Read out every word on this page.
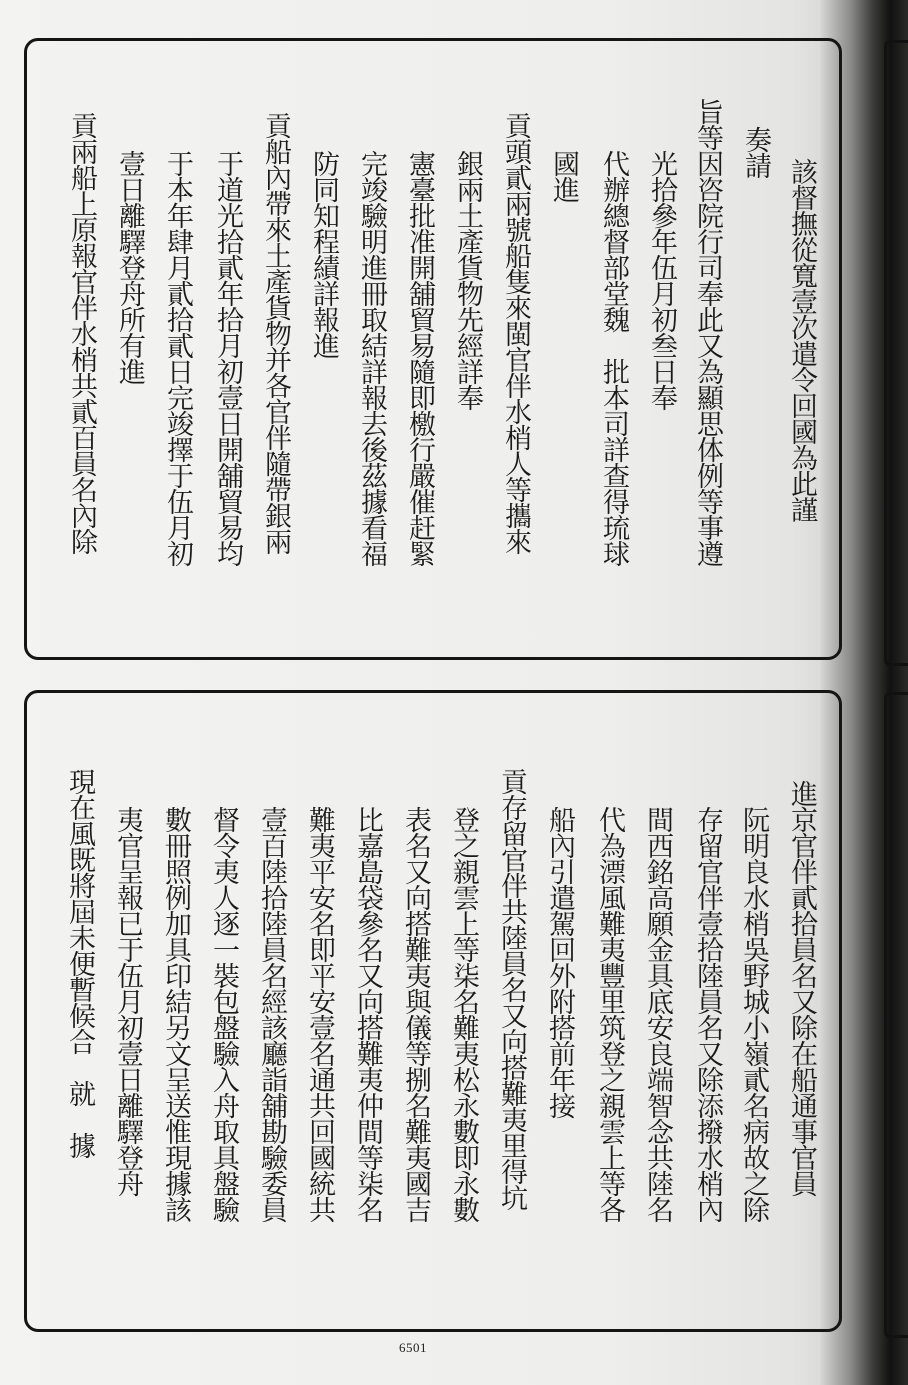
該督撫從寬壹次遣令回國為此謹
奏請
旨等因咨院行司奉此又為顯思体例等事遵
光拾參年伍月初叁日奉
代辦總督部堂魏　批本司詳查得琉球
國進
貢頭貳兩號船隻來閩官伴水梢人等攜來
銀兩土產貨物先經詳奉
憲臺批准開舖貿易隨即檄行嚴催赶緊
完竣驗明進冊取結詳報去後茲據看福
防同知程績詳報進
貢船內帶來土產貨物并各官伴隨帶銀兩
于道光拾貳年拾月初壹日開舖貿易均
于本年肆月貳拾貳日完竣擇于伍月初
壹日離驛登舟所有進
貢兩船上原報官伴水梢共貳百員名內除
進京官伴貳拾員名又除在船通事官員
阮明良水梢吳野城小嶺貳名病故之除
存留官伴壹拾陸員名又除添撥水梢內
間西銘高願金具底安良端智念共陸名
代為漂風難夷豐里筑登之親雲上等各
船內引遣駕回外附搭前年接
貢存留官伴共陸員名又向搭難夷里得坑
登之親雲上等柒名難夷松永數即永數
表名又向搭難夷與儀等捌名難夷國吉
比嘉島袋參名又向搭難夷仲間等柒名
難夷平安名即平安壹名通共回國統共
壹百陸拾陸員名經該廳詣舖勘驗委員
督令夷人逐一裝包盤驗入舟取具盤驗
數冊照例加具印結另文呈送惟現據該
夷官呈報已于伍月初壹日離驛登舟
現在風既將屆未便暫候合　就　據
6501
